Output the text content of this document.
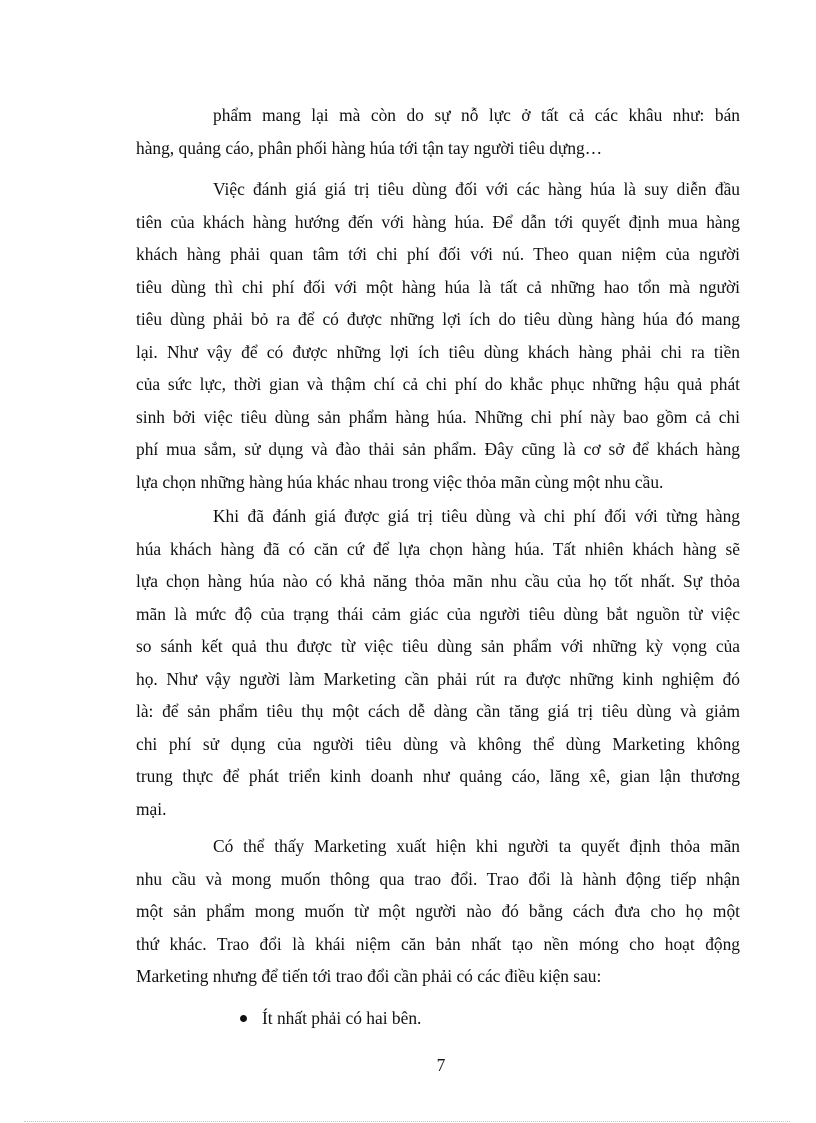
phẩm mang lại mà còn do sự nỗ lực ở tất cả các khâu như: bán
hàng, quảng cáo, phân phối hàng húa tới tận tay người tiêu dựng…
Việc đánh giá giá trị tiêu dùng đối với các hàng húa là suy diễn đầu
tiên của khách hàng hướng đến với hàng húa. Để dẫn tới quyết định mua hàng
khách hàng phải quan tâm tới chi phí đối với nú. Theo quan niệm của người
tiêu dùng thì chi phí đối với một hàng húa là tất cả những hao tổn mà người
tiêu dùng phải bỏ ra để có được những lợi ích do tiêu dùng hàng húa đó mang
lại. Như vậy để có được những lợi ích tiêu dùng khách hàng phải chi ra tiền
của sức lực, thời gian và thậm chí cả chi phí do khắc phục những hậu quả phát
sinh bởi việc tiêu dùng sản phẩm hàng húa. Những chi phí này bao gồm cả chi
phí mua sắm, sử dụng và đào thải sản phẩm. Đây cũng là cơ sở để khách hàng
lựa chọn những hàng húa khác nhau trong việc thỏa mãn cùng một nhu cầu.
Khi đã đánh giá được giá trị tiêu dùng và chi phí đối với từng hàng
húa khách hàng đã có căn cứ để lựa chọn hàng húa. Tất nhiên khách hàng sẽ
lựa chọn hàng húa nào có khả năng thỏa mãn nhu cầu của họ tốt nhất. Sự thỏa
mãn là mức độ của trạng thái cảm giác của người tiêu dùng bắt nguồn từ việc
so sánh kết quả thu được từ việc tiêu dùng sản phẩm với những kỳ vọng của
họ. Như vậy người làm Marketing cần phải rút ra được những kinh nghiệm đó
là: để sản phẩm tiêu thụ một cách dễ dàng cần tăng giá trị tiêu dùng và giảm
chi phí sử dụng của người tiêu dùng và không thể dùng Marketing không
trung thực để phát triển kinh doanh như quảng cáo, lăng xê, gian lận thương
mại.
Có thể thấy Marketing xuất hiện khi người ta quyết định thỏa mãn
nhu cầu và mong muốn thông qua trao đổi. Trao đổi là hành động tiếp nhận
một sản phẩm mong muốn từ một người nào đó bằng cách đưa cho họ một
thứ khác. Trao đổi là khái niệm căn bản nhất tạo nền móng cho hoạt động
Marketing nhưng để tiến tới trao đổi cần phải có các điều kiện sau:
Ít nhất phải có hai bên.
7
